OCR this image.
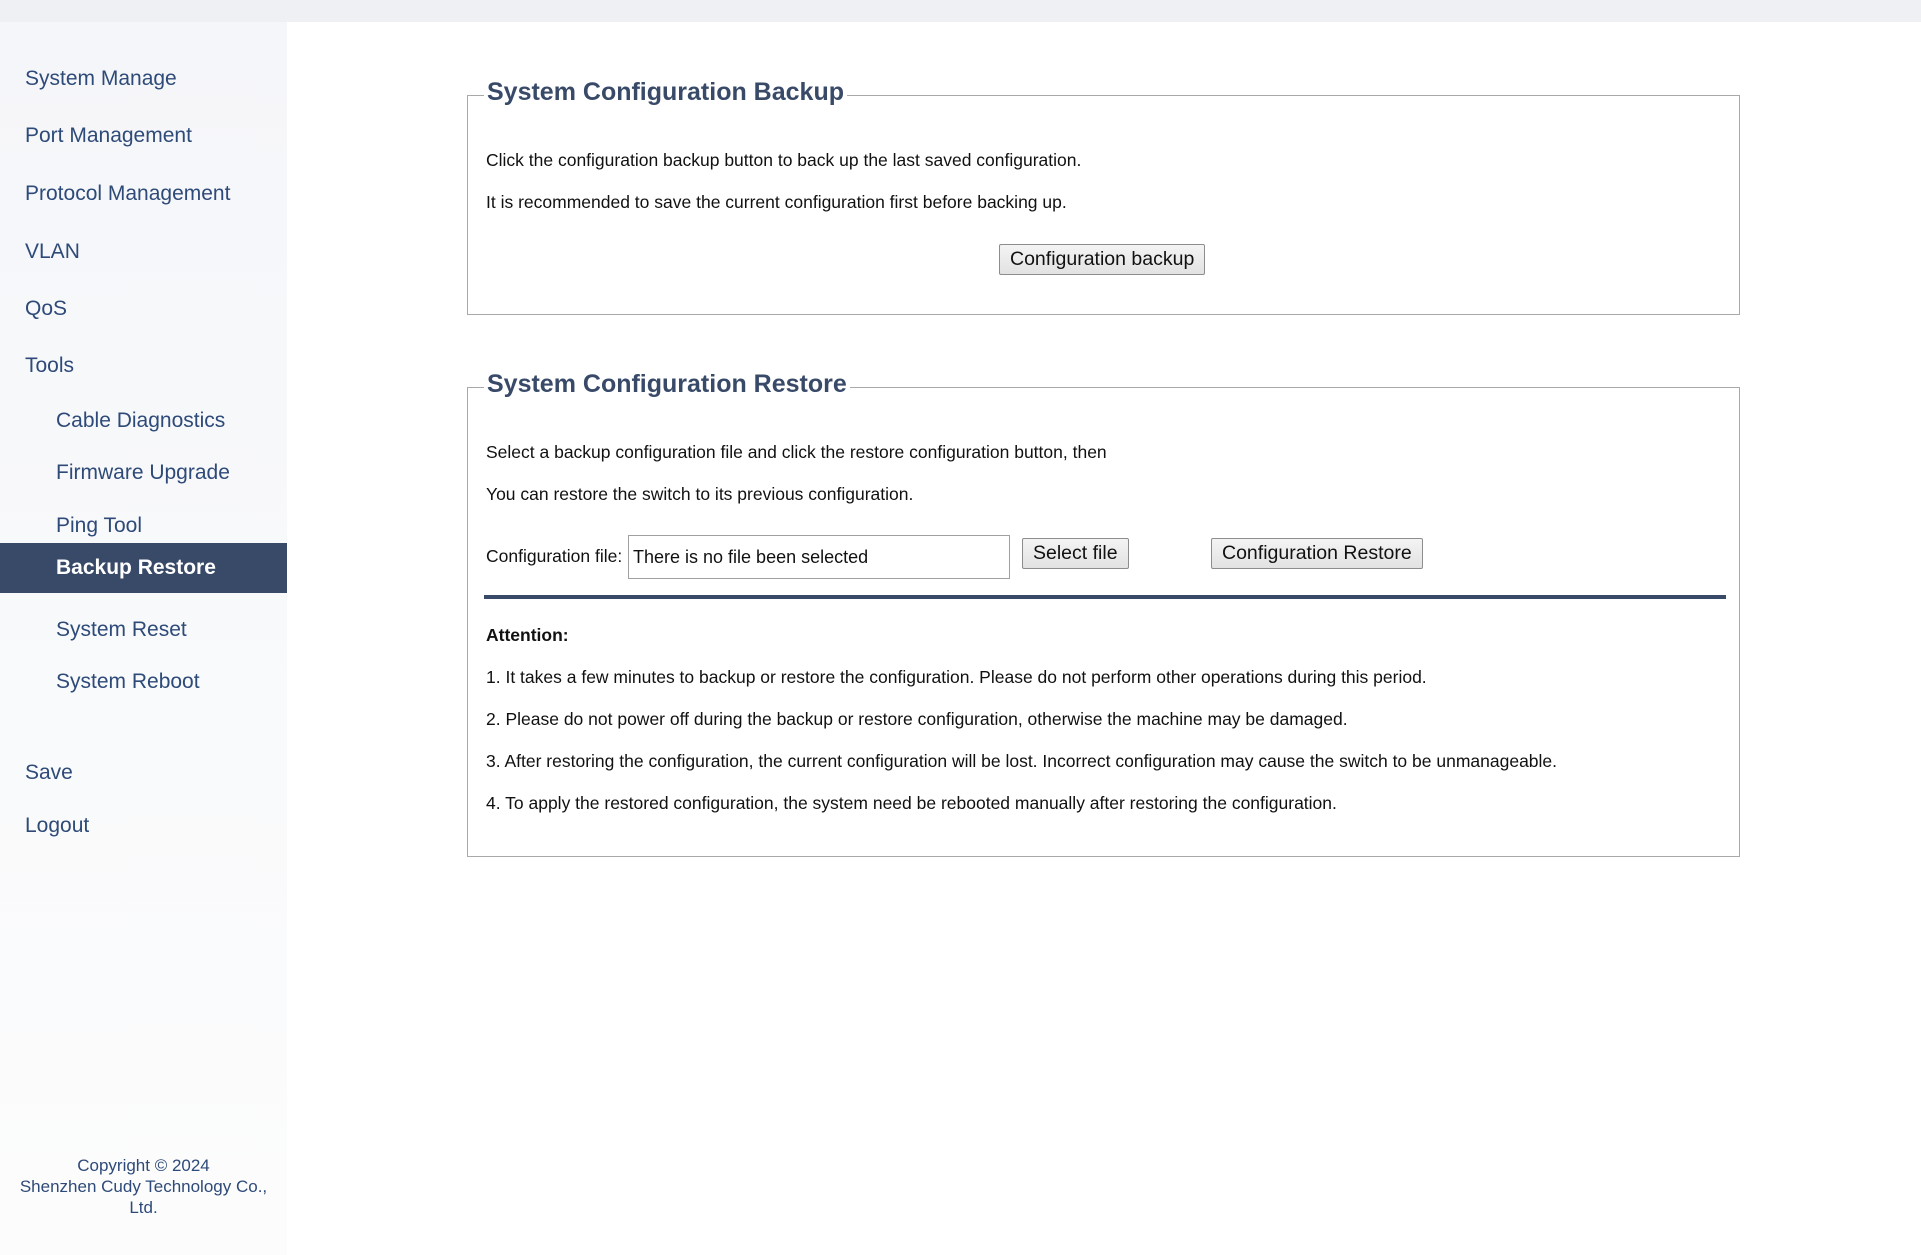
System Manage
Port Management
Protocol Management
VLAN
QoS
Tools
Cable Diagnostics
Firmware Upgrade
Ping Tool
Backup Restore
System Reset
System Reboot
Save
Logout
Copyright © 2024
Shenzhen Cudy Technology Co., Ltd.
System Configuration Backup
Click the configuration backup button to back up the last saved configuration.
It is recommended to save the current configuration first before backing up.
Configuration backup
System Configuration Restore
Select a backup configuration file and click the restore configuration button, then
You can restore the switch to its previous configuration.
Configuration file:
There is no file been selected	Select file	Configuration Restore
Attention:
1. It takes a few minutes to backup or restore the configuration. Please do not perform other operations during this period.
2. Please do not power off during the backup or restore configuration, otherwise the machine may be damaged.
3. After restoring the configuration, the current configuration will be lost. Incorrect configuration may cause the switch to be unmanageable.
4. To apply the restored configuration, the system need be rebooted manually after restoring the configuration.
